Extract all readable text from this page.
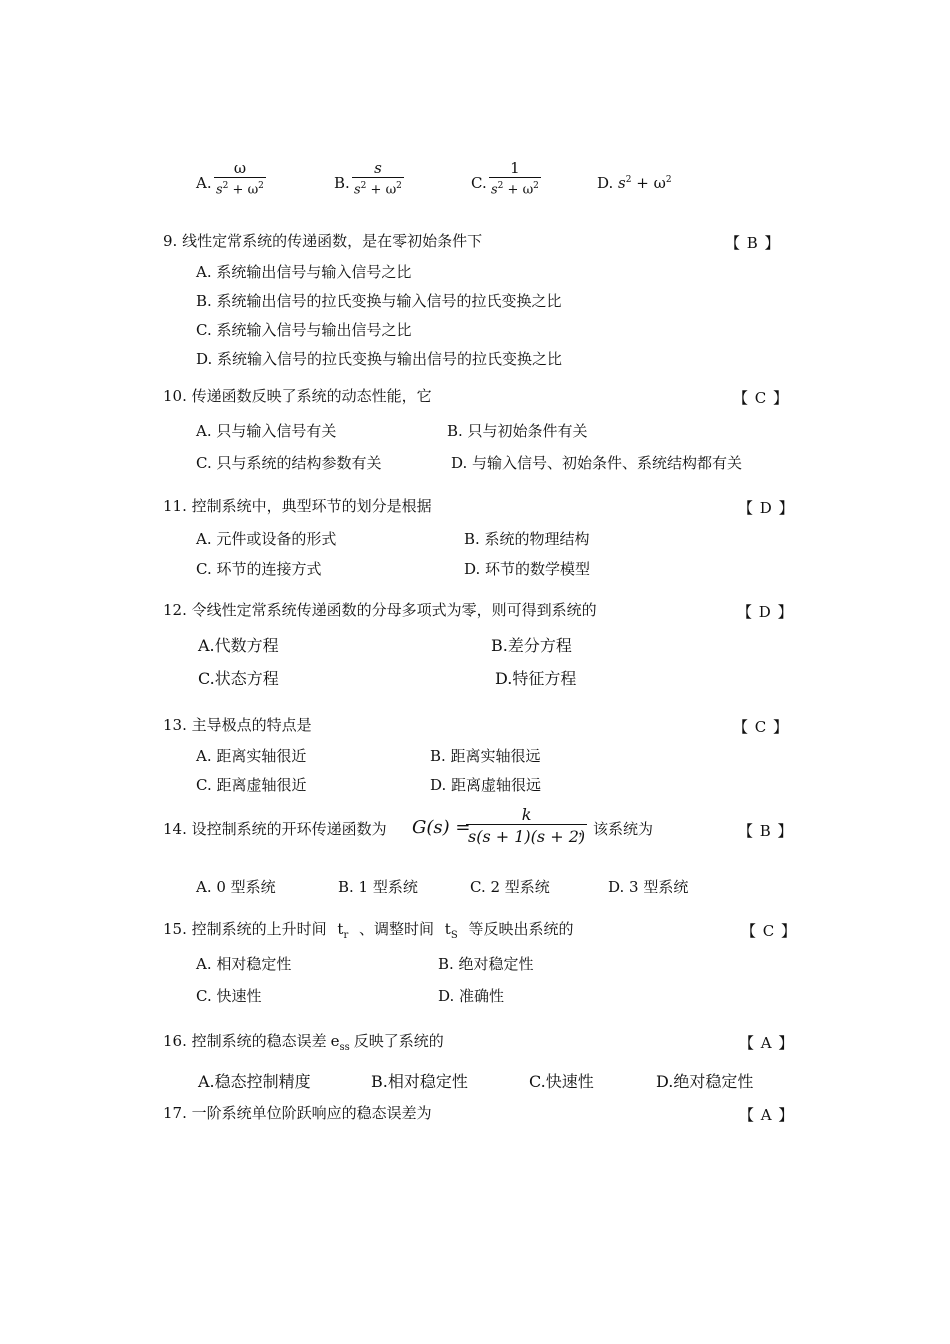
A. $\frac{\omega}{s^2 + \omega^2}$	B. $\frac{s}{s^2 + \omega^2}$	C. $\frac{1}{s^2 + \omega^2}$	D. $s^2 + \omega^2$
9. 线性定常系统的传递函数，是在零初始条件下	【 B 】
A. 系统输出信号与输入信号之比
B. 系统输出信号的拉氏变换与输入信号的拉氏变换之比
C. 系统输入信号与输出信号之比
D. 系统输入信号的拉氏变换与输出信号的拉氏变换之比
10. 传递函数反映了系统的动态性能，它	【 C 】
A. 只与输入信号有关	B. 只与初始条件有关
C. 只与系统的结构参数有关	D. 与输入信号、初始条件、系统结构都有关
11. 控制系统中，典型环节的划分是根据	【 D 】
A. 元件或设备的形式	B. 系统的物理结构
C. 环节的连接方式	D. 环节的数学模型
12. 令线性定常系统传递函数的分母多项式为零，则可得到系统的	【 D 】
A.代数方程	B.差分方程
C.状态方程	D.特征方程
13. 主导极点的特点是	【 C 】
A. 距离实轴很近	B. 距离实轴很远
C. 距离虚轴很近	D. 距离虚轴很远
14. 设控制系统的开环传递函数为 G(s) =
$\frac{k}{s(s + 1)(s + 2)}$
，该系统为	【 B 】
A. 0 型系统	B. 1 型系统	C. 2 型系统	D. 3 型系统
15. 控制系统的上升时间 $t_r$ 、调整时间 $t_S$ 等反映出系统的	【 C 】
A. 相对稳定性	B. 绝对稳定性
C. 快速性	D. 准确性
16. 控制系统的稳态误差 $e_{ss}$ 反映了系统的	【 A 】
A.稳态控制精度	B.相对稳定性	C.快速性	D.绝对稳定性
17. 一阶系统单位阶跃响应的稳态误差为	【 A 】
